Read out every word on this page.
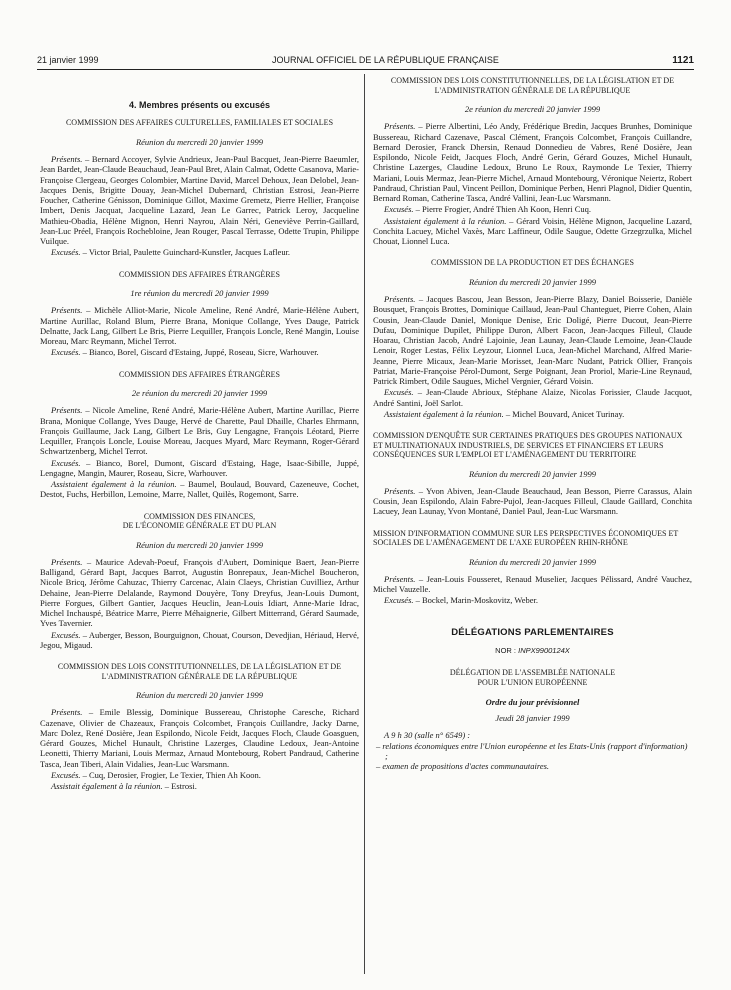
21 janvier 1999	JOURNAL OFFICIEL DE LA RÉPUBLIQUE FRANÇAISE	1121
4. Membres présents ou excusés
COMMISSION DES AFFAIRES CULTURELLES, FAMILIALES ET SOCIALES
Réunion du mercredi 20 janvier 1999

Présents. – Bernard Accoyer, Sylvie Andrieux, Jean-Paul Bacquet, Jean-Pierre Baeumler, Jean Bardet, Jean-Claude Beauchaud, Jean-Paul Bret, Alain Calmat, Odette Casanova, Marie-Françoise Clergeau, Georges Colombier, Martine David, Marcel Dehoux, Jean Delobel, Jean-Jacques Denis, Brigitte Douay, Jean-Michel Dubernard, Christian Estrosi, Jean-Pierre Foucher, Catherine Génisson, Dominique Gillot, Maxime Gremetz, Pierre Hellier, Françoise Imbert, Denis Jacquat, Jacqueline Lazard, Jean Le Garrec, Patrick Leroy, Jacqueline Mathieu-Obadia, Hélène Mignon, Henri Nayrou, Alain Néri, Geneviève Perrin-Gaillard, Jean-Luc Préel, François Rochebloine, Jean Rouger, Pascal Terrasse, Odette Trupin, Philippe Vuilque.

Excusés. – Victor Brial, Paulette Guinchard-Kunstler, Jacques Lafleur.

COMMISSION DES AFFAIRES ÉTRANGÈRES
1re réunion du mercredi 20 janvier 1999

Présents. – Michèle Alliot-Marie, Nicole Ameline, René André, Marie-Hélène Aubert, Martine Aurillac, Roland Blum, Pierre Brana, Monique Collange, Yves Dauge, Patrick Delnatte, Jack Lang, Gilbert Le Bris, Pierre Lequiller, François Loncle, René Mangin, Louise Moreau, Marc Reymann, Michel Terrot.

Excusés. – Bianco, Borel, Giscard d'Estaing, Juppé, Roseau, Sicre, Warhouver.

COMMISSION DES AFFAIRES ÉTRANGÈRES
2e réunion du mercredi 20 janvier 1999

Présents. – Nicole Ameline, René André, Marie-Hélène Aubert, Martine Aurillac, Pierre Brana, Monique Collange, Yves Dauge, Hervé de Charette, Paul Dhaille, Charles Ehrmann, François Guillaume, Jack Lang, Gilbert Le Bris, Guy Lengagne, François Léotard, Pierre Lequiller, François Loncle, Louise Moreau, Jacques Myard, Marc Reymann, Roger-Gérard Schwartzenberg, Michel Terrot.

Excusés. – Bianco, Borel, Dumont, Giscard d'Estaing, Hage, Isaac-Sibille, Juppé, Lengagne, Mangin, Maurer, Roseau, Sicre, Warhouver.

Assistaient également à la réunion. – Baumel, Boulaud, Bouvard, Cazeneuve, Cochet, Destot, Fuchs, Herbillon, Lemoine, Marre, Nallet, Quilès, Rogemont, Sarre.

COMMISSION DES FINANCES,
DE L'ÉCONOMIE GÉNÉRALE ET DU PLAN
Réunion du mercredi 20 janvier 1999

Présents. – Maurice Adevah-Poeuf, François d'Aubert, Dominique Baert, Jean-Pierre Balligand, Gérard Bapt, Jacques Barrot, Augustin Bonrepaux, Jean-Michel Boucheron, Nicole Bricq, Jérôme Cahuzac, Thierry Carcenac, Alain Claeys, Christian Cuvilliez, Arthur Dehaine, Jean-Pierre Delalande, Raymond Douyère, Tony Dreyfus, Jean-Louis Dumont, Pierre Forgues, Gilbert Gantier, Jacques Heuclin, Jean-Louis Idiart, Anne-Marie Idrac, Michel Inchauspé, Béatrice Marre, Pierre Méhaignerie, Gilbert Mitterrand, Gérard Saumade, Yves Tavernier.

Excusés. – Auberger, Besson, Bourguignon, Chouat, Courson, Devedjian, Hériaud, Hervé, Jegou, Migaud.

COMMISSION DES LOIS CONSTITUTIONNELLES, DE LA LÉGISLATION ET DE L'ADMINISTRATION GÉNÉRALE DE LA RÉPUBLIQUE
Réunion du mercredi 20 janvier 1999

Présents. – Emile Blessig, Dominique Bussereau, Christophe Caresche, Richard Cazenave, Olivier de Chazeaux, François Colcombet, François Cuillandre, Jacky Darne, Marc Dolez, René Dosière, Jean Espilondo, Nicole Feidt, Jacques Floch, Claude Goasguen, Gérard Gouzes, Michel Hunault, Christine Lazerges, Claudine Ledoux, Jean-Antoine Leonetti, Thierry Mariani, Louis Mermaz, Arnaud Montebourg, Robert Pandraud, Catherine Tasca, Jean Tiberi, Alain Vidalies, Jean-Luc Warsmann.

Excusés. – Cuq, Derosier, Frogier, Le Texier, Thien Ah Koon.

Assistait également à la réunion. – Estrosi.

COMMISSION DES LOIS CONSTITUTIONNELLES, DE LA LÉGISLATION ET DE L'ADMINISTRATION GÉNÉRALE DE LA RÉPUBLIQUE
2e réunion du mercredi 20 janvier 1999

Présents. – Pierre Albertini, Léo Andy, Frédérique Bredin, Jacques Brunhes, Dominique Bussereau, Richard Cazenave, Pascal Clément, François Colcombet, François Cuillandre, Bernard Derosier, Franck Dhersin, Renaud Donnedieu de Vabres, René Dosière, Jean Espilondo, Nicole Feidt, Jacques Floch, André Gerin, Gérard Gouzes, Michel Hunault, Christine Lazerges, Claudine Ledoux, Bruno Le Roux, Raymonde Le Texier, Thierry Mariani, Louis Mermaz, Jean-Pierre Michel, Arnaud Montebourg, Véronique Neiertz, Robert Pandraud, Christian Paul, Vincent Peillon, Dominique Perben, Henri Plagnol, Didier Quentin, Bernard Roman, Catherine Tasca, André Vallini, Jean-Luc Warsmann.

Excusés. – Pierre Frogier, André Thien Ah Koon, Henri Cuq.

Assistaient également à la réunion. – Gérard Voisin, Hélène Mignon, Jacqueline Lazard, Conchita Lacuey, Michel Vaxès, Marc Laffineur, Odile Saugue, Odette Grzegrzulka, Michel Chouat, Lionnel Luca.

COMMISSION DE LA PRODUCTION ET DES ÉCHANGES
Réunion du mercredi 20 janvier 1999

Présents. – Jacques Bascou, Jean Besson, Jean-Pierre Blazy, Daniel Boisserie, Danièle Bousquet, François Brottes, Dominique Caillaud, Jean-Paul Chanteguet, Pierre Cohen, Alain Cousin, Jean-Claude Daniel, Monique Denise, Eric Doligé, Pierre Ducout, Jean-Pierre Dufau, Dominique Dupilet, Philippe Duron, Albert Facon, Jean-Jacques Filleul, Claude Hoarau, Christian Jacob, André Lajoinie, Jean Launay, Jean-Claude Lemoine, Jean-Claude Lenoir, Roger Lestas, Félix Leyzour, Lionnel Luca, Jean-Michel Marchand, Alfred Marie-Jeanne, Pierre Micaux, Jean-Marie Morisset, Jean-Marc Nudant, Patrick Ollier, François Patriat, Marie-Françoise Pérol-Dumont, Serge Poignant, Jean Proriol, Marie-Line Reynaud, Patrick Rimbert, Odile Saugues, Michel Vergnier, Gérard Voisin.

Excusés. – Jean-Claude Abrioux, Stéphane Alaize, Nicolas Forissier, Claude Jacquot, André Santini, Joël Sarlot.

Assistaient également à la réunion. – Michel Bouvard, Anicet Turinay.

COMMISSION D'ENQUÊTE SUR CERTAINES PRATIQUES DES GROUPES NATIONAUX ET MULTINATIONAUX INDUSTRIELS, DE SERVICES ET FINANCIERS ET LEURS CONSÉQUENCES SUR L'EMPLOI ET L'AMÉNAGEMENT DU TERRITOIRE
Réunion du mercredi 20 janvier 1999

Présents. – Yvon Abiven, Jean-Claude Beauchaud, Jean Besson, Pierre Carassus, Alain Cousin, Jean Espilondo, Alain Fabre-Pujol, Jean-Jacques Filleul, Claude Gaillard, Conchita Lacuey, Jean Launay, Yvon Montané, Daniel Paul, Jean-Luc Warsmann.

MISSION D'INFORMATION COMMUNE SUR LES PERSPECTIVES ÉCONOMIQUES ET SOCIALES DE L'AMÉNAGEMENT DE L'AXE EUROPÉEN RHIN-RHÔNE
Réunion du mercredi 20 janvier 1999

Présents. – Jean-Louis Fousseret, Renaud Muselier, Jacques Pélissard, André Vauchez, Michel Vauzelle.

Excusés. – Bockel, Marin-Moskovitz, Weber.

DÉLÉGATIONS PARLEMENTAIRES
NOR : INPX9900124X
DÉLÉGATION DE L'ASSEMBLÉE NATIONALE
POUR L'UNION EUROPÉENNE
Ordre du jour prévisionnel
Jeudi 28 janvier 1999

A 9 h 30 (salle n° 6549) :

– relations économiques entre l'Union européenne et les Etats-Unis (rapport d'information) ;

– examen de propositions d'actes communautaires.
